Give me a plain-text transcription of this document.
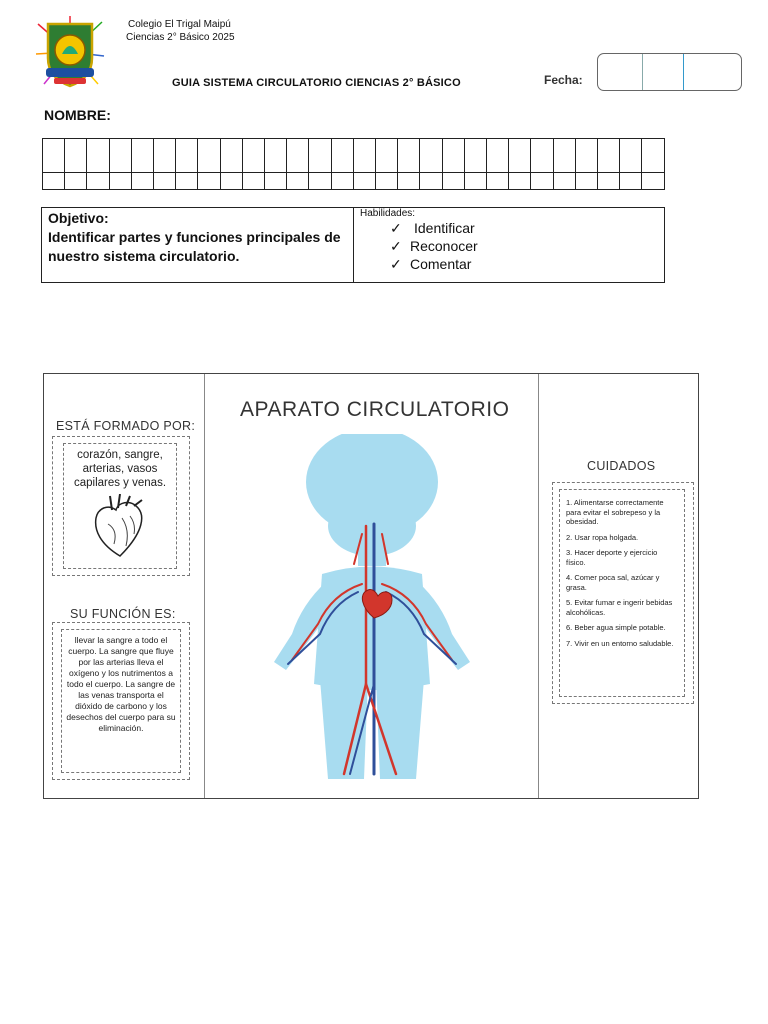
Colegio El Trigal Maipú
Ciencias 2° Básico 2025
GUIA SISTEMA CIRCULATORIO CIENCIAS 2° BÁSICO	Fecha:
NOMBRE:

Objetivo:
Identificar partes y funciones principales de nuestro sistema circulatorio.
Habilidades:
✓ Identificar
✓ Reconocer
✓ Comentar
ESTÁ FORMADO POR:
corazón, sangre, arterias, vasos capilares y venas.
SU FUNCIÓN ES:
llevar la sangre a todo el cuerpo. La sangre que fluye por las arterias lleva el oxígeno y los nutrimentos a todo el cuerpo. La sangre de las venas transporta el dióxido de carbono y los desechos del cuerpo para su eliminación.
APARATO CIRCULATORIO
CUIDADOS
1. Alimentarse correctamente para evitar el sobrepeso y la obesidad.
2. Usar ropa holgada.
3. Hacer deporte y ejercicio físico.
4. Comer poca sal, azúcar y grasa.
5. Evitar fumar e ingerir bebidas alcohólicas.
6. Beber agua simple potable.
7. Vivir en un entorno saludable.
